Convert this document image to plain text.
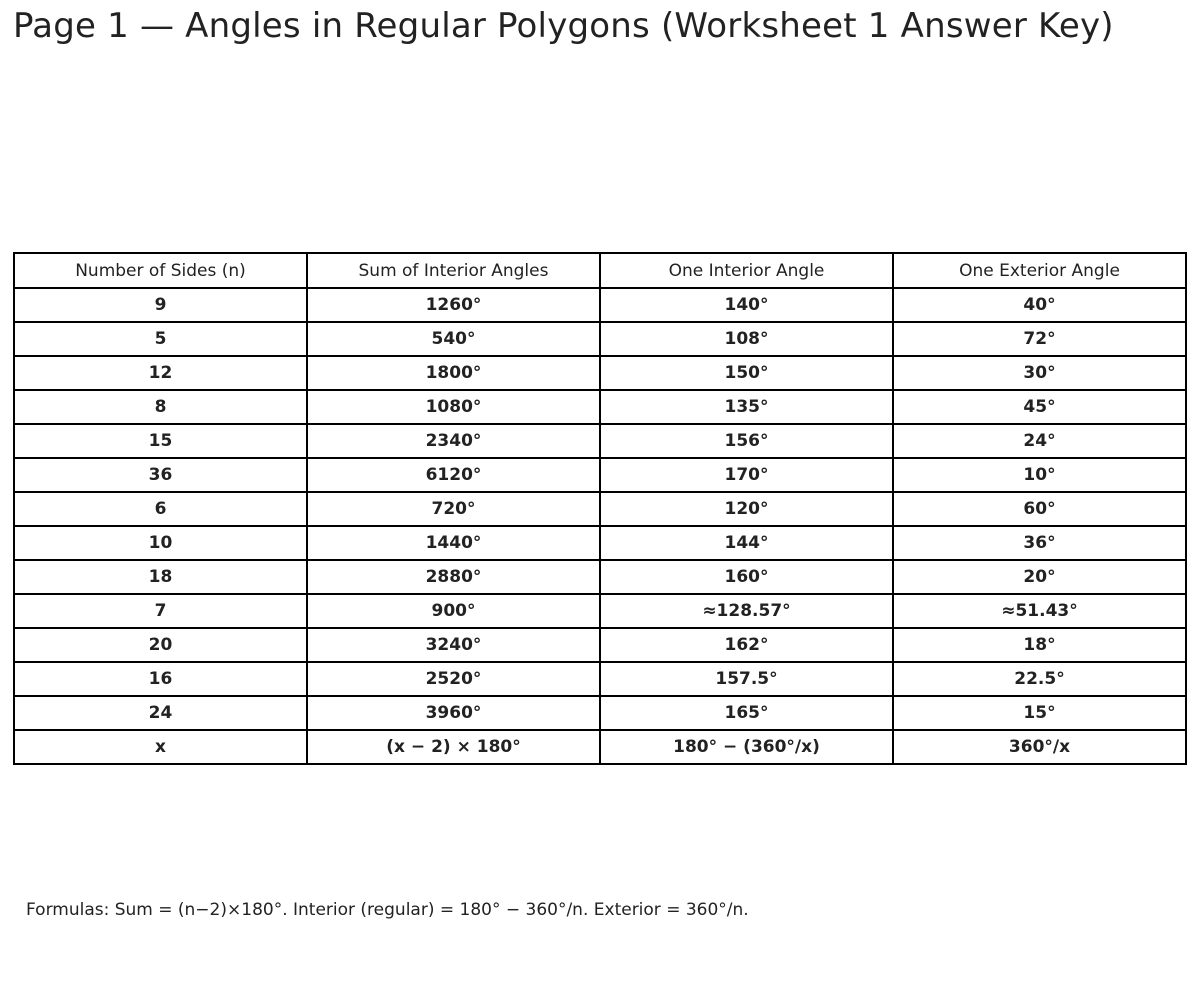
Page 1 — Angles in Regular Polygons (Worksheet 1 Answer Key)
Number of Sides (n)	Sum of Interior Angles	One Interior Angle	One Exterior Angle
9	1260°	140°	40°
5	540°	108°	72°
12	1800°	150°	30°
8	1080°	135°	45°
15	2340°	156°	24°
36	6120°	170°	10°
6	720°	120°	60°
10	1440°	144°	36°
18	2880°	160°	20°
7	900°	≈128.57°	≈51.43°
20	3240°	162°	18°
16	2520°	157.5°	22.5°
24	3960°	165°	15°
x	(x − 2) × 180°	180° − (360°/x)	360°/x

Formulas: Sum = (n−2)×180°. Interior (regular) = 180° − 360°/n. Exterior = 360°/n.
